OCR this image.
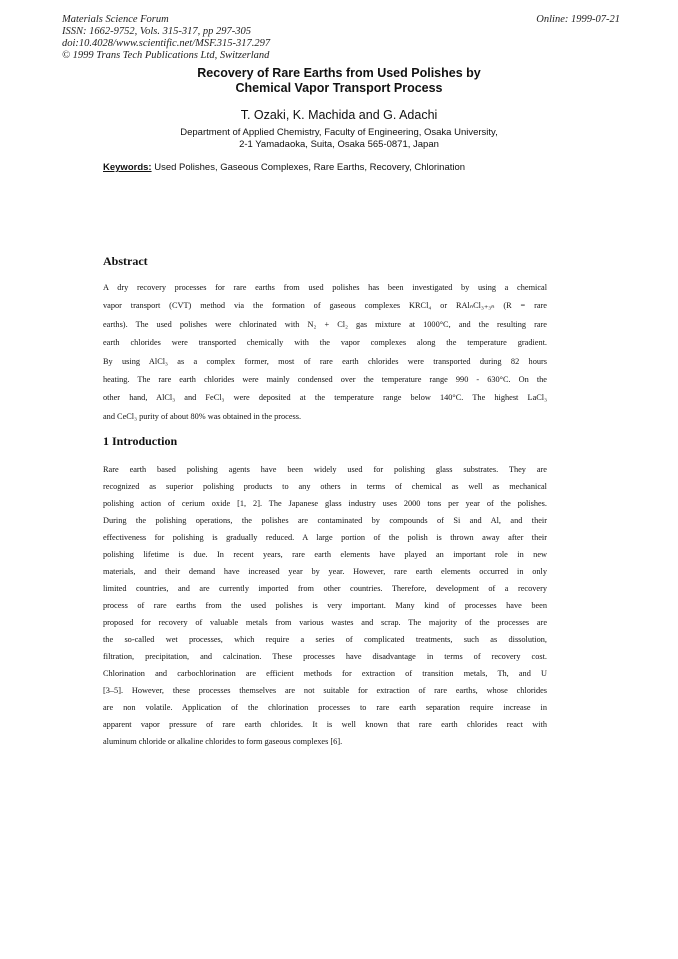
Materials Science Forum
ISSN: 1662-9752, Vols. 315-317, pp 297-305
doi:10.4028/www.scientific.net/MSF.315-317.297
© 1999 Trans Tech Publications Ltd, Switzerland
Online: 1999-07-21
Recovery of Rare Earths from Used Polishes by
Chemical Vapor Transport Process
T. Ozaki, K. Machida and G. Adachi
Department of Applied Chemistry, Faculty of Engineering, Osaka University,
2-1 Yamadaoka, Suita, Osaka 565-0871, Japan
Keywords: Used Polishes, Gaseous Complexes, Rare Earths, Recovery, Chlorination
Abstract
A dry recovery processes for rare earths from used polishes has been investigated by using a chemical
vapor transport (CVT) method via the formation of gaseous complexes KRCl₄ or RAlₙCl₃₊₃ₙ (R = rare
earths). The used polishes were chlorinated with N₂ + Cl₂ gas mixture at 1000°C, and the resulting rare
earth chlorides were transported chemically with the vapor complexes along the temperature gradient.
By using AlCl₃ as a complex former, most of rare earth chlorides were transported during 82 hours
heating. The rare earth chlorides were mainly condensed over the temperature range 990 - 630°C. On the
other hand, AlCl₃ and FeCl₃ were deposited at the temperature range below 140°C. The highest LaCl₃
and CeCl₃ purity of about 80% was obtained in the process.
1 Introduction
Rare earth based polishing agents have been widely used for polishing glass substrates. They are
recognized as superior polishing products to any others in terms of chemical as well as mechanical
polishing action of cerium oxide [1, 2]. The Japanese glass industry uses 2000 tons per year of the polishes.
During the polishing operations, the polishes are contaminated by compounds of Si and Al, and their
effectiveness for polishing is gradually reduced. A large portion of the polish is thrown away after their
polishing lifetime is due. In recent years, rare earth elements have played an important role in new
materials, and their demand have increased year by year. However, rare earth elements occurred in only
limited countries, and are currently imported from other countries. Therefore, development of a recovery
process of rare earths from the used polishes is very important. Many kind of processes have been
proposed for recovery of valuable metals from various wastes and scrap. The majority of the processes are
the so-called wet processes, which require a series of complicated treatments, such as dissolution,
filtration, precipitation, and calcination. These processes have disadvantage in terms of recovery cost.
Chlorination and carbochlorination are efficient methods for extraction of transition metals, Th, and U
[3–5]. However, these processes themselves are not suitable for extraction of rare earths, whose chlorides
are non volatile. Application of the chlorination processes to rare earth separation require increase in
apparent vapor pressure of rare earth chlorides. It is well known that rare earth chlorides react with
aluminum chloride or alkaline chlorides to form gaseous complexes [6].
